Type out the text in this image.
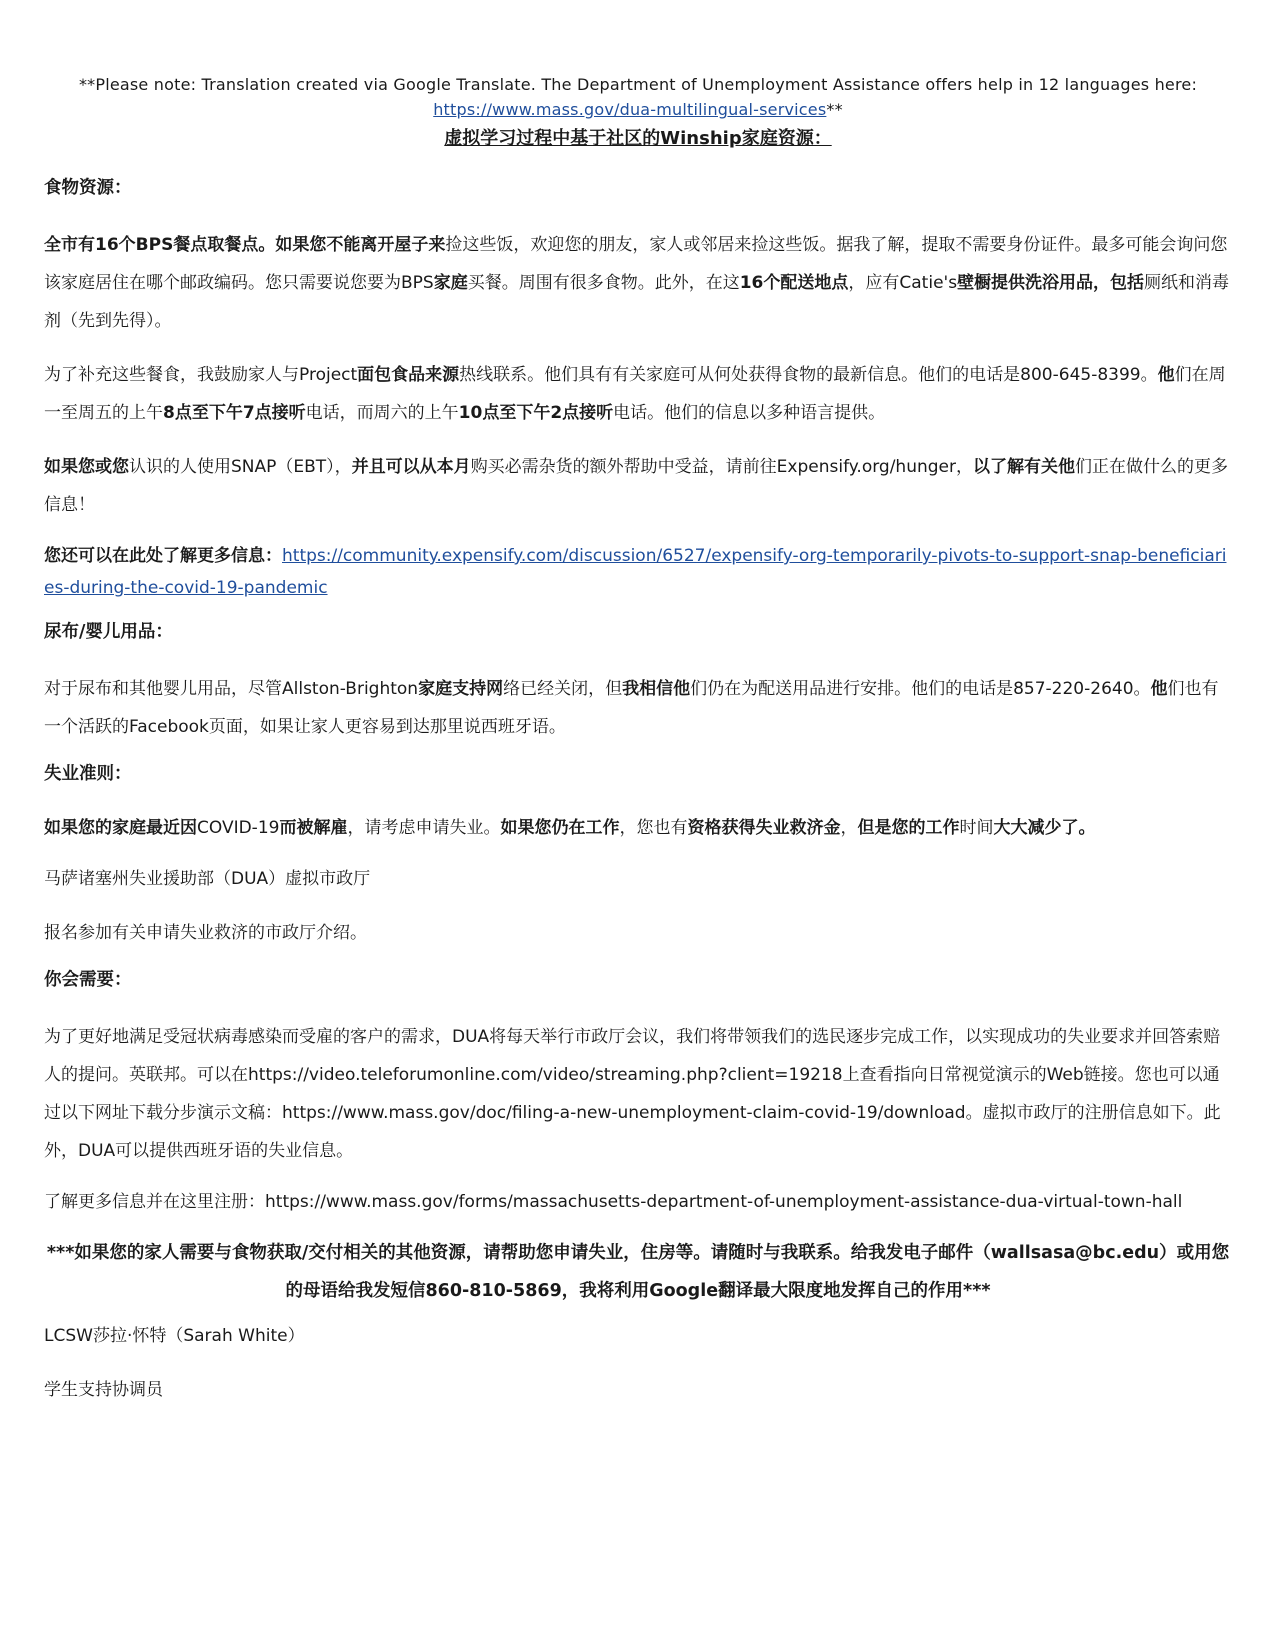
**Please note: Translation created via Google Translate. The Department of Unemployment Assistance offers help in 12 languages here:
https://www.mass.gov/dua-multilingual-services**
虚拟学习过程中基于社区的Winship家庭资源：
食物资源：

全市有16个BPS餐点取餐点。如果您不能离开屋子来捡这些饭，欢迎您的朋友，家人或邻居来捡这些饭。据我了解，提取不需要身份证件。最多可能会询问您该家庭居住在哪个邮政编码。您只需要说您要为BPS家庭买餐。周围有很多食物。此外，在这16个配送地点，应有Catie's壁橱提供洗浴用品，包括厕纸和消毒剂（先到先得）。

为了补充这些餐食，我鼓励家人与Project面包食品来源热线联系。他们具有有关家庭可从何处获得食物的最新信息。他们的电话是800-645-8399。他们在周一至周五的上午8点至下午7点接听电话，而周六的上午10点至下午2点接听电话。他们的信息以多种语言提供。

如果您或您认识的人使用SNAP（EBT），并且可以从本月购买必需杂货的额外帮助中受益，请前往Expensify.org/hunger，以了解有关他们正在做什么的更多信息！

您还可以在此处了解更多信息：https://community.expensify.com/discussion/6527/expensify-org-temporarily-pivots-to-support-snap-beneficiaries-during-the-covid-19-pandemic

尿布/婴儿用品：

对于尿布和其他婴儿用品，尽管Allston-Brighton家庭支持网络已经关闭，但我相信他们仍在为配送用品进行安排。他们的电话是857-220-2640。他们也有一个活跃的Facebook页面，如果让家人更容易到达那里说西班牙语。

失业准则：

如果您的家庭最近因COVID-19而被解雇，请考虑申请失业。如果您仍在工作，您也有资格获得失业救济金，但是您的工作时间大大减少了。

马萨诸塞州失业援助部（DUA）虚拟市政厅

报名参加有关申请失业救济的市政厅介绍。

你会需要：

为了更好地满足受冠状病毒感染而受雇的客户的需求，DUA将每天举行市政厅会议，我们将带领我们的选民逐步完成工作，以实现成功的失业要求并回答索赔人的提问。英联邦。可以在https://video.teleforumonline.com/video/streaming.php?client=19218上查看指向日常视觉演示的Web链接。您也可以通过以下网址下载分步演示文稿：https://www.mass.gov/doc/filing-a-new-unemployment-claim-covid-19/download。虚拟市政厅的注册信息如下。此外，DUA可以提供西班牙语的失业信息。

了解更多信息并在这里注册：https://www.mass.gov/forms/massachusetts-department-of-unemployment-assistance-dua-virtual-town-hall

***如果您的家人需要与食物获取/交付相关的其他资源，请帮助您申请失业，住房等。请随时与我联系。给我发电子邮件（wallsasa@bc.edu）或用您的母语给我发短信860-810-5869，我将利用Google翻译最大限度地发挥自己的作用***
LCSW莎拉·怀特（Sarah White）
学生支持协调员
